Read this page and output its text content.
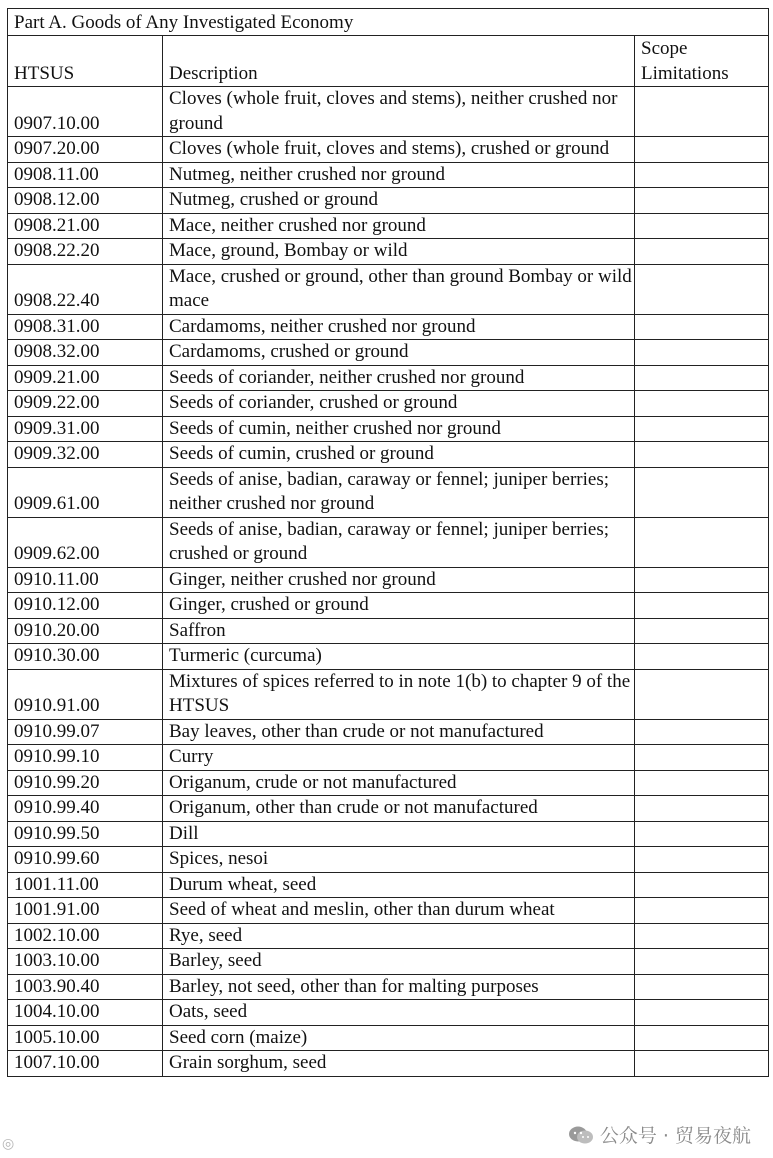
Part A. Goods of Any Investigated Economy		
HTSUS	Description	Scope Limitations
0907.10.00	Cloves (whole fruit, cloves and stems), neither crushed nor ground	
0907.20.00	Cloves (whole fruit, cloves and stems), crushed or ground	
0908.11.00	Nutmeg, neither crushed nor ground	
0908.12.00	Nutmeg, crushed or ground	
0908.21.00	Mace, neither crushed nor ground	
0908.22.20	Mace, ground, Bombay or wild	
0908.22.40	Mace, crushed or ground, other than ground Bombay or wild mace	
0908.31.00	Cardamoms, neither crushed nor ground	
0908.32.00	Cardamoms, crushed or ground	
0909.21.00	Seeds of coriander, neither crushed nor ground	
0909.22.00	Seeds of coriander, crushed or ground	
0909.31.00	Seeds of cumin, neither crushed nor ground	
0909.32.00	Seeds of cumin, crushed or ground	
0909.61.00	Seeds of anise, badian, caraway or fennel; juniper berries; neither crushed nor ground	
0909.62.00	Seeds of anise, badian, caraway or fennel; juniper berries; crushed or ground	
0910.11.00	Ginger, neither crushed nor ground	
0910.12.00	Ginger, crushed or ground	
0910.20.00	Saffron	
0910.30.00	Turmeric (curcuma)	
0910.91.00	Mixtures of spices referred to in note 1(b) to chapter 9 of the HTSUS	
0910.99.07	Bay leaves, other than crude or not manufactured	
0910.99.10	Curry	
0910.99.20	Origanum, crude or not manufactured	
0910.99.40	Origanum, other than crude or not manufactured	
0910.99.50	Dill	
0910.99.60	Spices, nesoi	
1001.11.00	Durum wheat, seed	
1001.91.00	Seed of wheat and meslin, other than durum wheat	
1002.10.00	Rye, seed	
1003.10.00	Barley, seed	
1003.90.40	Barley, not seed, other than for malting purposes	
1004.10.00	Oats, seed	
1005.10.00	Seed corn (maize)	
1007.10.00	Grain sorghum, seed	
◎	公众号 · 贸易夜航
